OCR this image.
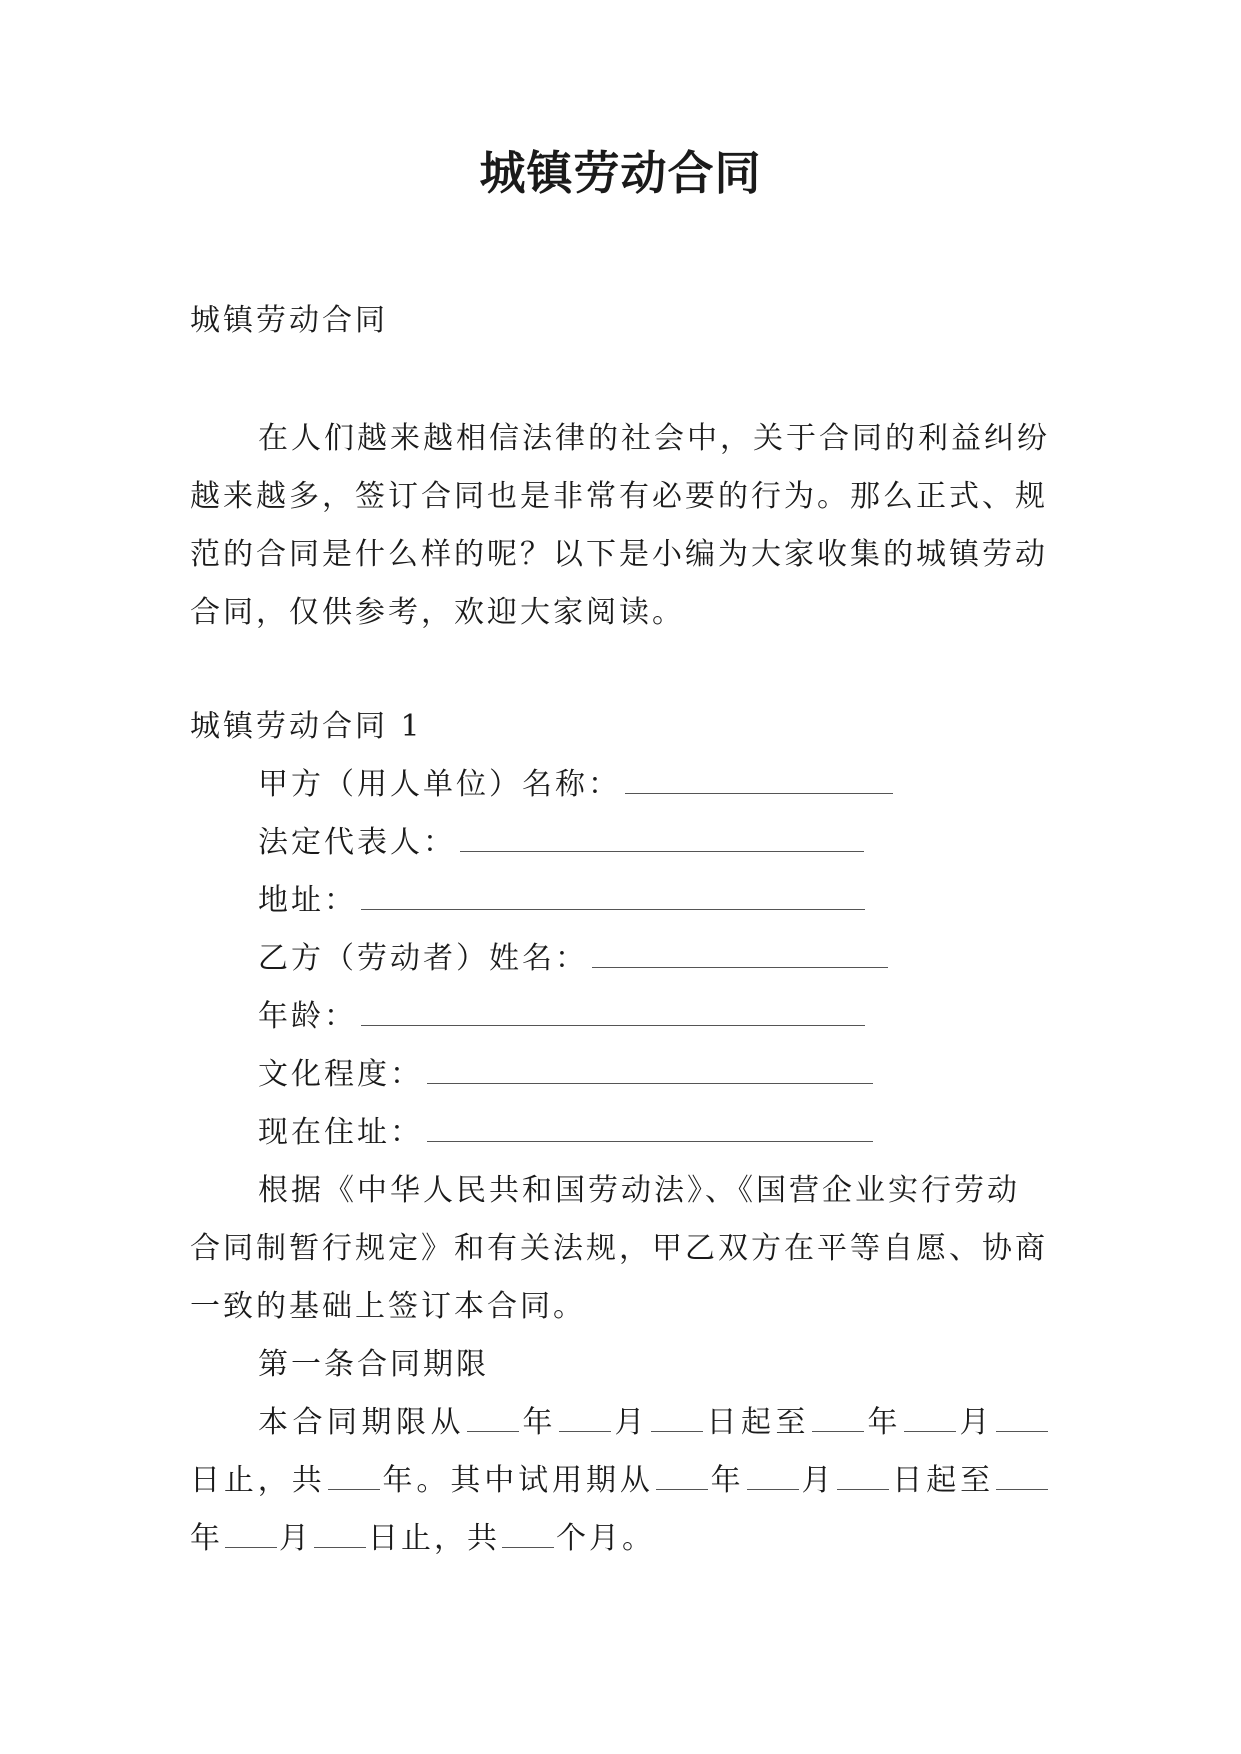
城镇劳动合同

城镇劳动合同

在人们越来越相信法律的社会中，关于合同的利益纠纷越来越多，签订合同也是非常有必要的行为。那么正式、规范的合同是什么样的呢？以下是小编为大家收集的城镇劳动合同，仅供参考，欢迎大家阅读。

城镇劳动合同 1

甲方（用人单位）名称：
法定代表人：
地址：
乙方（劳动者）姓名：
年龄：
文化程度：
现在住址：

根据《中华人民共和国劳动法》、《国营企业实行劳动合同制暂行规定》和有关法规，甲乙双方在平等自愿、协商一致的基础上签订本合同。

第一条合同期限

本合同期限从 年 月 日起至 年 月日止，共 年。其中试用期从 年 月 日起至年 月 日止，共 个月。
